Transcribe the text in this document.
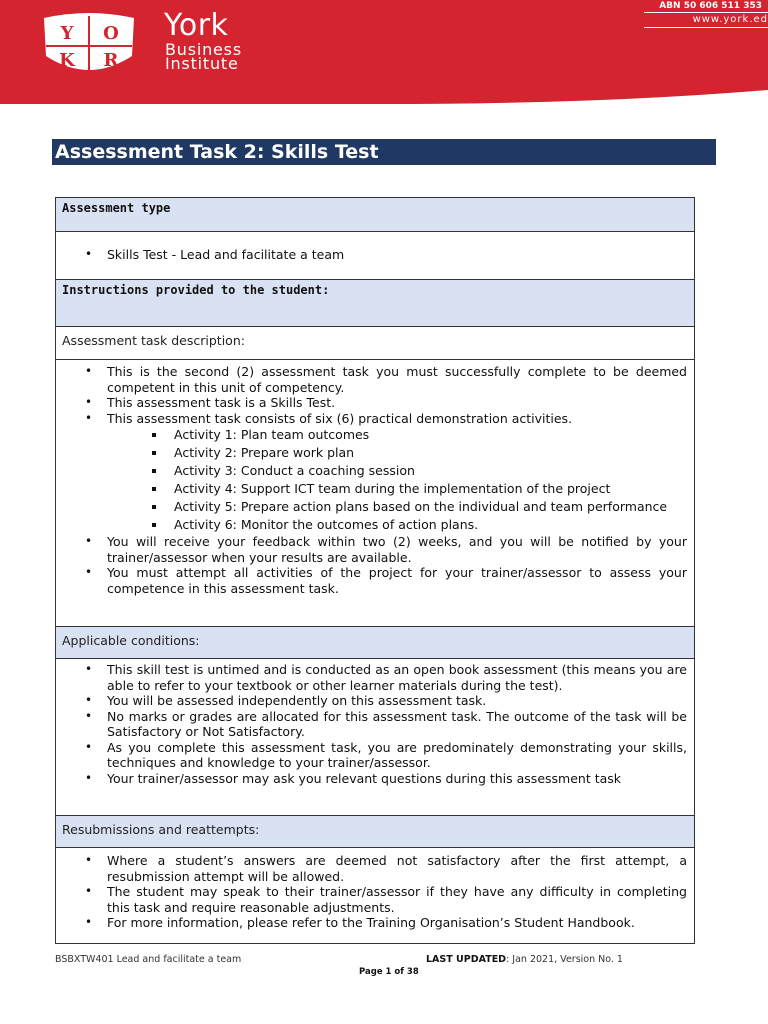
Y O
K R
York
Business
Institute
ABN 50 606 511 353
www.york.ed
Assessment Task 2: Skills Test
Assessment type
• Skills Test - Lead and facilitate a team
Instructions provided to the student:
Assessment task description:
• This is the second (2) assessment task you must successfully complete to be deemed competent in this unit of competency.
• This assessment task is a Skills Test.
• This assessment task consists of six (6) practical demonstration activities.
Activity 1: Plan team outcomes
Activity 2: Prepare work plan
Activity 3: Conduct a coaching session
Activity 4: Support ICT team during the implementation of the project
Activity 5: Prepare action plans based on the individual and team performance
Activity 6: Monitor the outcomes of action plans.
• You will receive your feedback within two (2) weeks, and you will be notified by your trainer/assessor when your results are available.
• You must attempt all activities of the project for your trainer/assessor to assess your competence in this assessment task.
Applicable conditions:
• This skill test is untimed and is conducted as an open book assessment (this means you are able to refer to your textbook or other learner materials during the test).
• You will be assessed independently on this assessment task.
• No marks or grades are allocated for this assessment task. The outcome of the task will be Satisfactory or Not Satisfactory.
• As you complete this assessment task, you are predominately demonstrating your skills, techniques and knowledge to your trainer/assessor.
• Your trainer/assessor may ask you relevant questions during this assessment task
Resubmissions and reattempts:
• Where a student’s answers are deemed not satisfactory after the first attempt, a resubmission attempt will be allowed.
• The student may speak to their trainer/assessor if they have any difficulty in completing this task and require reasonable adjustments.
• For more information, please refer to the Training Organisation’s Student Handbook.
BSBXTW401 Lead and facilitate a team	LAST UPDATED: Jan 2021, Version No. 1
Page 1 of 38
